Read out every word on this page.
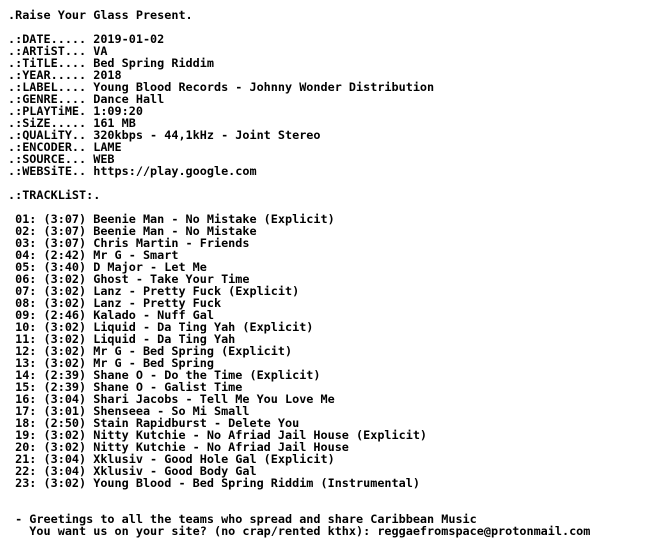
.Raise Your Glass Present.
.:DATE..... 2019-01-02
.:ARTiST... VA
.:TiTLE.... Bed Spring Riddim
.:YEAR..... 2018
.:LABEL.... Young Blood Records - Johnny Wonder Distribution
.:GENRE.... Dance Hall
.:PLAYTiME. 1:09:20
.:SiZE..... 161 MB
.:QUALiTY.. 320kbps - 44,1kHz - Joint Stereo
.:ENCODER.. LAME
.:SOURCE... WEB
.:WEBSiTE.. https://play.google.com
.:TRACKLiST:.
01: (3:07) Beenie Man - No Mistake (Explicit)
02: (3:07) Beenie Man - No Mistake
03: (3:07) Chris Martin - Friends
04: (2:42) Mr G - Smart
05: (3:40) D Major - Let Me
06: (3:02) Ghost - Take Your Time
07: (3:02) Lanz - Pretty Fuck (Explicit)
08: (3:02) Lanz - Pretty Fuck
09: (2:46) Kalado - Nuff Gal
10: (3:02) Liquid - Da Ting Yah (Explicit)
11: (3:02) Liquid - Da Ting Yah
12: (3:02) Mr G - Bed Spring (Explicit)
13: (3:02) Mr G - Bed Spring
14: (2:39) Shane O - Do the Time (Explicit)
15: (2:39) Shane O - Galist Time
16: (3:04) Shari Jacobs - Tell Me You Love Me
17: (3:01) Shenseea - So Mi Small
18: (2:50) Stain Rapidburst - Delete You
19: (3:02) Nitty Kutchie - No Afriad Jail House (Explicit)
20: (3:02) Nitty Kutchie - No Afriad Jail House
21: (3:04) Xklusiv - Good Hole Gal (Explicit)
22: (3:04) Xklusiv - Good Body Gal
23: (3:02) Young Blood - Bed Spring Riddim (Instrumental)
- Greetings to all the teams who spread and share Caribbean Music
You want us on your site? (no crap/rented kthx): reggaefromspace@protonmail.com
